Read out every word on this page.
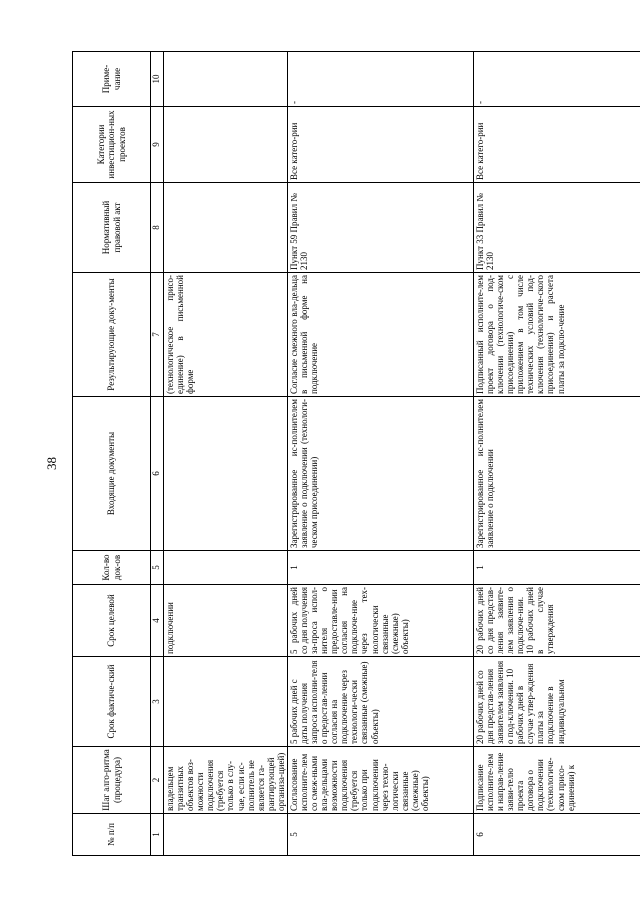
38
№ п/п	Шаг алго-ритма (процедура)	Срок фактиче-ский	Срок целевой	Кол-во док-ов	Входящие документы	Результирующие доку-менты	Нормативный правовой акт	Категории инвестицион-ных проектов	Приме-чание
1	2	3	4	5	6	7	8	9	10
	владельцем транзитных объектов воз-можности подключения (требуется только в слу-чае, если ис-полнитель не является га-рантирующей организа-цией)		подключении			(технологическое присо-единение) в письменной форме			
5	Согласование исполните-лем со смеж-ными вла-дельцами возможности подключения (требуется только при подключении через техно-логически связанные (смежные) объекты)	5 рабочих дней с даты получения запроса исполни-теля о предостав-лении согласия на подключение через технологи-чески связанные (смежные) объекты)	5 рабочих дней со дня получения за-проса испол-нителя о предоставле-нии согласия на подключе-ние через тех-нологически связанные (смежные) объекты)	1	Зарегистрированное ис-полнителем заявление о подключении (технологи-ческом присоединении)	Согласие смежного вла-дельца в письменной форме на подключение	Пункт 59 Правил № 2130	Все катего-рии	-
6	Подписание исполните-лем и направ-ление заяви-телю проекта договора о подключении (технологиче-ском присо-единении) к	20 рабочих дней со дня представ-ления заявителем заявления о под-ключении. 10 рабочих дней в случае утвер-ждения платы за подключение в индивидуальном	20 рабочих дней со дня представ-ления заявите-лем заявления о подключе-нии. 10 рабочих дней в случае утверждения	1	Зарегистрированное ис-полнителем заявление о подключении	Подписанный исполните-лем проект договора о под-ключении (технологиче-ском присоединении) с приложением в том числе технических условий под-ключения (технологиче-ского присоединения) и расчета платы за подклю-чение	Пункт 33 Правил № 2130	Все катего-рии	-
